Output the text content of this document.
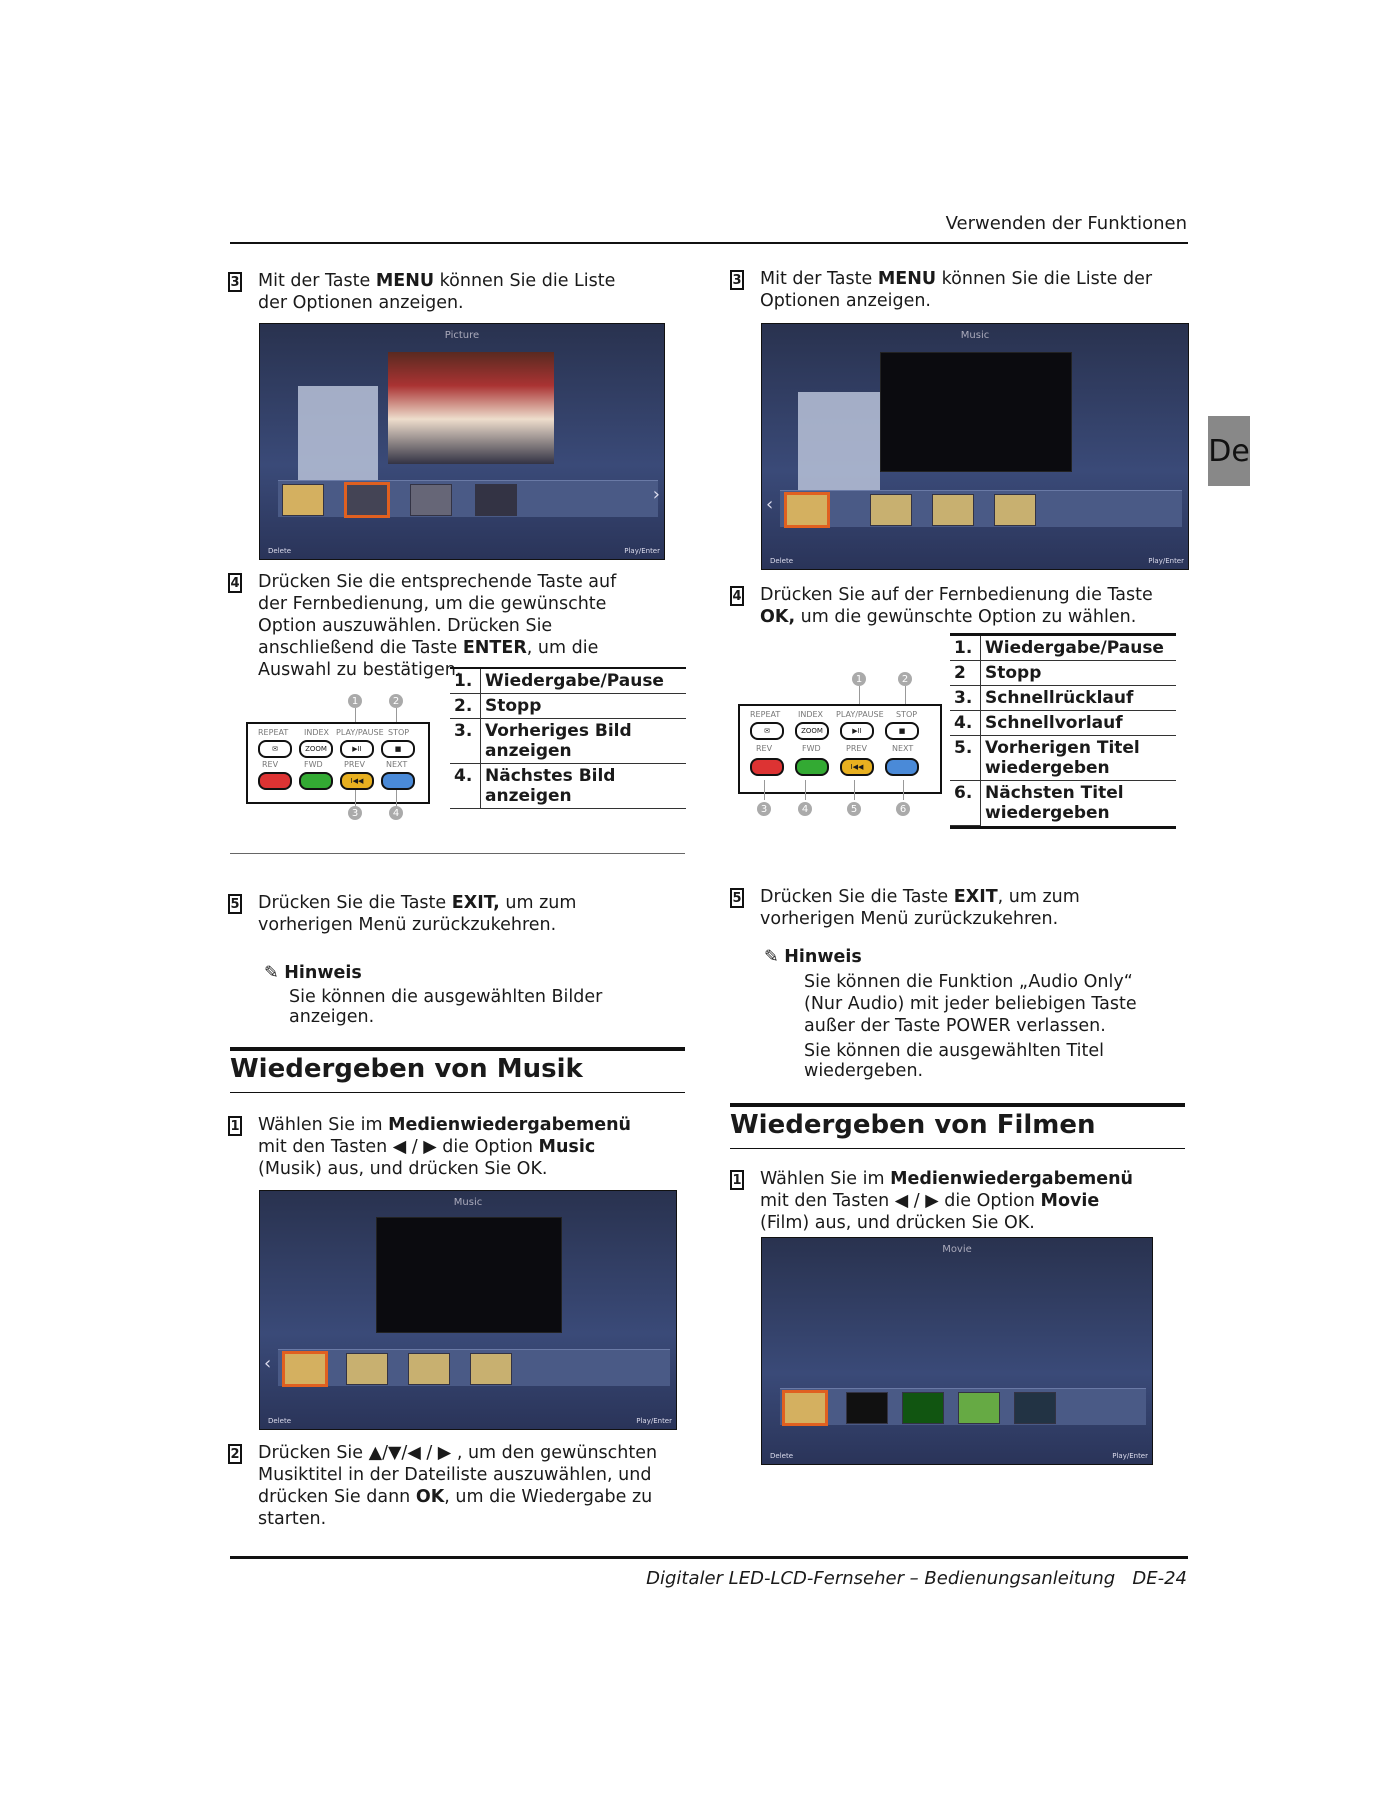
Verwenden der Funktionen
De
3 Mit der Taste MENU können Sie die Liste der Optionen anzeigen.
Picture
›
Delete	Play/Enter
4 Drücken Sie die entsprechende Taste auf der Fernbedienung, um die gewünschte Option auszuwählen. Drücken Sie anschließend die Taste ENTER, um die Auswahl zu bestätigen.
1	2
REPEAT INDEX PLAY/PAUSE STOP
✉	ZOOM	▶II	■
REV	FWD	PREV	NEXT
I◀◀
3	4
1.	Wiedergabe/Pause
2.	Stopp
3.	Vorheriges Bild anzeigen
4.	Nächstes Bild anzeigen
5 Drücken Sie die Taste EXIT, um zum vorherigen Menü zurückzukehren.
✎ Hinweis
Sie können die ausgewählten Bilder anzeigen.
Wiedergeben von Musik
1 Wählen Sie im Medienwiedergabemenü mit den Tasten ◀ / ▶ die Option Music (Musik) aus, und drücken Sie OK.
Music
‹
Delete	Play/Enter
2 Drücken Sie ▲/▼/◀ / ▶ , um den gewünschten Musiktitel in der Dateiliste auszuwählen, und drücken Sie dann OK, um die Wiedergabe zu starten.
3 Mit der Taste MENU können Sie die Liste der Optionen anzeigen.
Music
‹
Delete	Play/Enter
4 Drücken Sie auf der Fernbedienung die Taste OK, um die gewünschte Option zu wählen.
1	2
REPEAT INDEX PLAY/PAUSE STOP
✉	ZOOM	▶II	■
REV	FWD	PREV	NEXT
I◀◀
3	4	5	6
1.	Wiedergabe/Pause
2	Stopp
3.	Schnellrücklauf
4.	Schnellvorlauf
5.	Vorherigen Titel wiedergeben
6.	Nächsten Titel wiedergeben
5 Drücken Sie die Taste EXIT, um zum vorherigen Menü zurückzukehren.
✎ Hinweis
Sie können die Funktion „Audio Only“ (Nur Audio) mit jeder beliebigen Taste außer der Taste POWER verlassen.
Sie können die ausgewählten Titel wiedergeben.
Wiedergeben von Filmen
1 Wählen Sie im Medienwiedergabemenü mit den Tasten ◀ / ▶ die Option Movie (Film) aus, und drücken Sie OK.
Movie
Delete	Play/Enter
Digitaler LED-LCD-Fernseher – Bedienungsanleitung DE-24
